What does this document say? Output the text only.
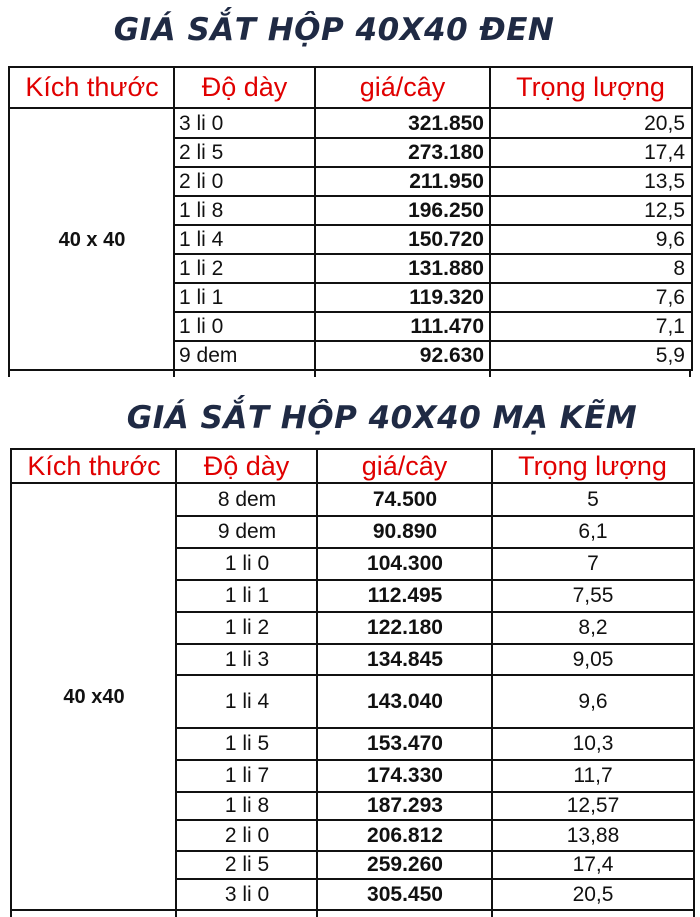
GIÁ SẮT HỘP 40X40 ĐEN
GIÁ SẮT HỘP 40X40 MẠ KẼM
Kích thước	Độ dày	giá/cây	Trọng lượng
40 x 40
3 li 0	321.850	20,5
2 li 5	273.180	17,4
2 li 0	211.950	13,5
1 li 8	196.250	12,5
1 li 4	150.720	9,6
1 li 2	131.880	8
1 li 1	119.320	7,6
1 li 0	111.470	7,1
9 dem	92.630	5,9
Kích thước	Độ dày	giá/cây	Trọng lượng
40 x40
8 dem	74.500	5
9 dem	90.890	6,1
1 li 0	104.300	7
1 li 1	112.495	7,55
1 li 2	122.180	8,2
1 li 3	134.845	9,05
1 li 4	143.040	9,6
1 li 5	153.470	10,3
1 li 7	174.330	11,7
1 li 8	187.293	12,57
2 li 0	206.812	13,88
2 li 5	259.260	17,4
3 li 0	305.450	20,5
